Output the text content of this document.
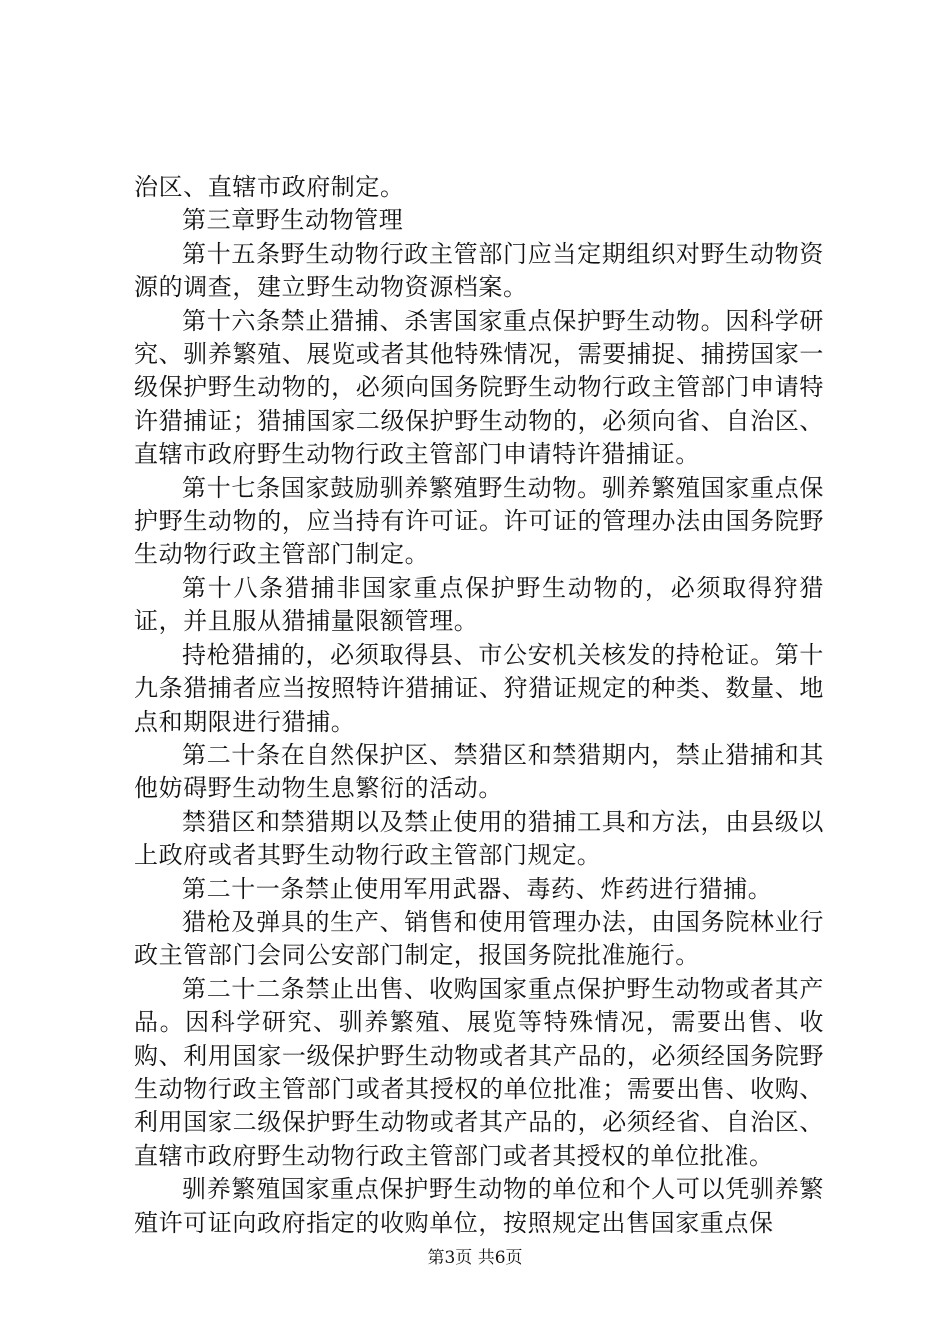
治区、直辖市政府制定。

第三章野生动物管理

第十五条野生动物行政主管部门应当定期组织对野生动物资源的调查，建立野生动物资源档案。

第十六条禁止猎捕、杀害国家重点保护野生动物。因科学研究、驯养繁殖、展览或者其他特殊情况，需要捕捉、捕捞国家一级保护野生动物的，必须向国务院野生动物行政主管部门申请特许猎捕证；猎捕国家二级保护野生动物的，必须向省、自治区、直辖市政府野生动物行政主管部门申请特许猎捕证。

第十七条国家鼓励驯养繁殖野生动物。驯养繁殖国家重点保护野生动物的，应当持有许可证。许可证的管理办法由国务院野生动物行政主管部门制定。

第十八条猎捕非国家重点保护野生动物的，必须取得狩猎证，并且服从猎捕量限额管理。

持枪猎捕的，必须取得县、市公安机关核发的持枪证。第十九条猎捕者应当按照特许猎捕证、狩猎证规定的种类、数量、地点和期限进行猎捕。

第二十条在自然保护区、禁猎区和禁猎期内，禁止猎捕和其他妨碍野生动物生息繁衍的活动。

禁猎区和禁猎期以及禁止使用的猎捕工具和方法，由县级以上政府或者其野生动物行政主管部门规定。

第二十一条禁止使用军用武器、毒药、炸药进行猎捕。

猎枪及弹具的生产、销售和使用管理办法，由国务院林业行政主管部门会同公安部门制定，报国务院批准施行。

第二十二条禁止出售、收购国家重点保护野生动物或者其产品。因科学研究、驯养繁殖、展览等特殊情况，需要出售、收购、利用国家一级保护野生动物或者其产品的，必须经国务院野生动物行政主管部门或者其授权的单位批准；需要出售、收购、利用国家二级保护野生动物或者其产品的，必须经省、自治区、直辖市政府野生动物行政主管部门或者其授权的单位批准。

驯养繁殖国家重点保护野生动物的单位和个人可以凭驯养繁殖许可证向政府指定的收购单位，按照规定出售国家重点保

第3页 共6页
